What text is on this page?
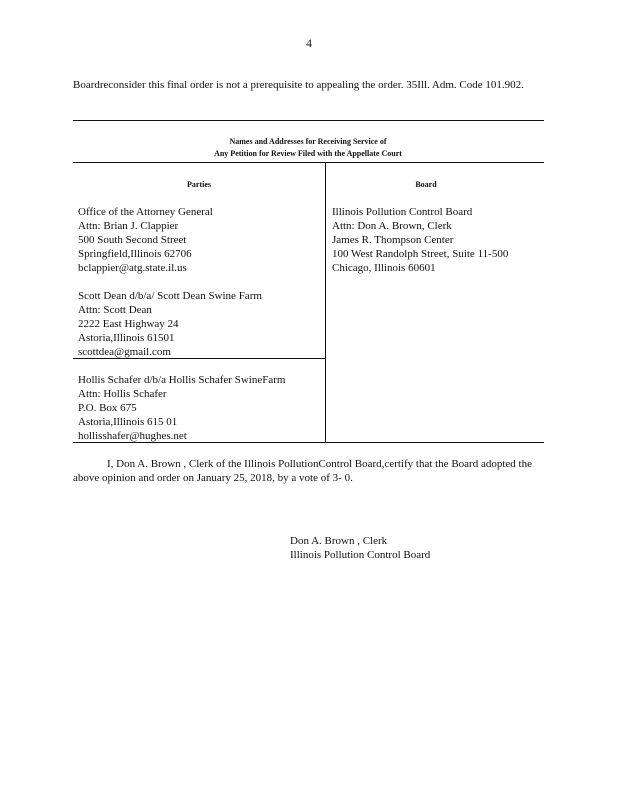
4
Boardreconsider this final order is not a prerequisite to appealing the order. 35Ill. Adm. Code 101.902.
Names and Addresses for Receiving Service of
Any Petition for Review Filed with the Appellate Court
Parties	Board
Office of the Attorney General
Attn: Brian J. Clappier
500 South Second Street
Springfield,Illinois 62706
bclappier@atg.state.il.us
Scott Dean d/b/a/ Scott Dean Swine Farm
Attn: Scott Dean
2222 East Highway 24
Astoria,Illinois 61501
scottdea@gmail.com
Hollis Schafer d/b/a Hollis Schafer SwineFarm
Attn: Hollis Schafer
P.O. Box 675
Astoria,Illinois 615 01
hollisshafer@hughes.net
Illinois Pollution Control Board
Attn: Don A. Brown, Clerk
James R. Thompson Center
100 West Randolph Street, Suite 11-500
Chicago, Illinois 60601
I, Don A. Brown , Clerk of the Illinois PollutionControl Board,certify that the Board adopted the above opinion and order on January 25, 2018, by a vote of 3- 0.
Don A. Brown , Clerk
Illinois Pollution Control Board
